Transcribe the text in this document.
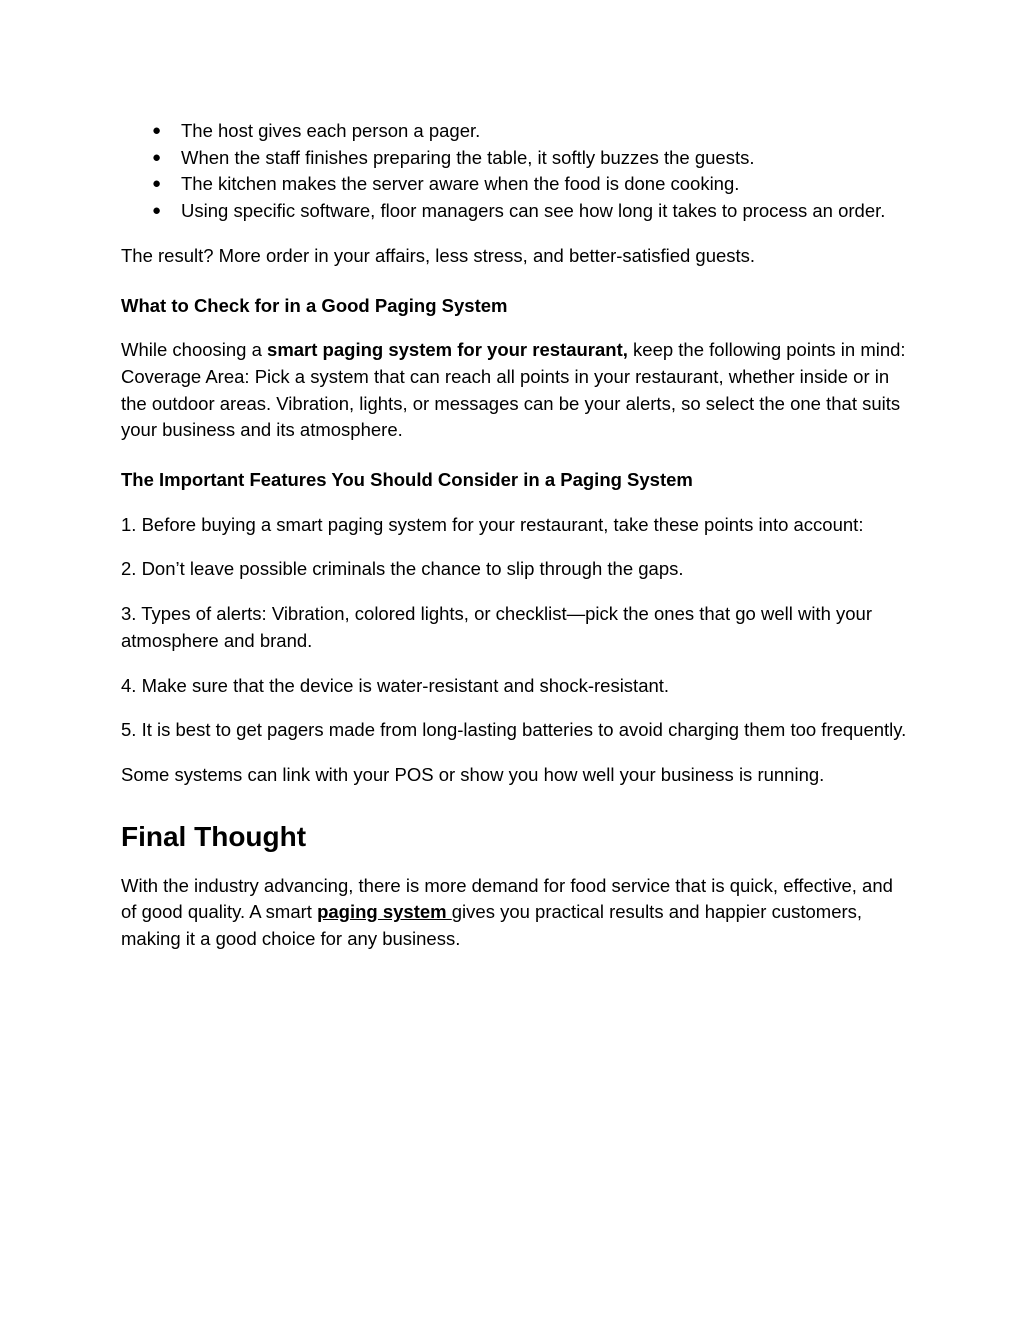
● The host gives each person a pager.
● When the staff finishes preparing the table, it softly buzzes the guests.
● The kitchen makes the server aware when the food is done cooking.
● Using specific software, floor managers can see how long it takes to process an order.

The result? More order in your affairs, less stress, and better-satisfied guests.

What to Check for in a Good Paging System

While choosing a smart paging system for your restaurant, keep the following points in mind: Coverage Area: Pick a system that can reach all points in your restaurant, whether inside or in the outdoor areas. Vibration, lights, or messages can be your alerts, so select the one that suits your business and its atmosphere.

The Important Features You Should Consider in a Paging System

1. Before buying a smart paging system for your restaurant, take these points into account:

2. Don’t leave possible criminals the chance to slip through the gaps.

3. Types of alerts: Vibration, colored lights, or checklist—pick the ones that go well with your atmosphere and brand.

4. Make sure that the device is water-resistant and shock-resistant.

5. It is best to get pagers made from long-lasting batteries to avoid charging them too frequently.

Some systems can link with your POS or show you how well your business is running.

Final Thought

With the industry advancing, there is more demand for food service that is quick, effective, and of good quality. A smart paging system gives you practical results and happier customers, making it a good choice for any business.
